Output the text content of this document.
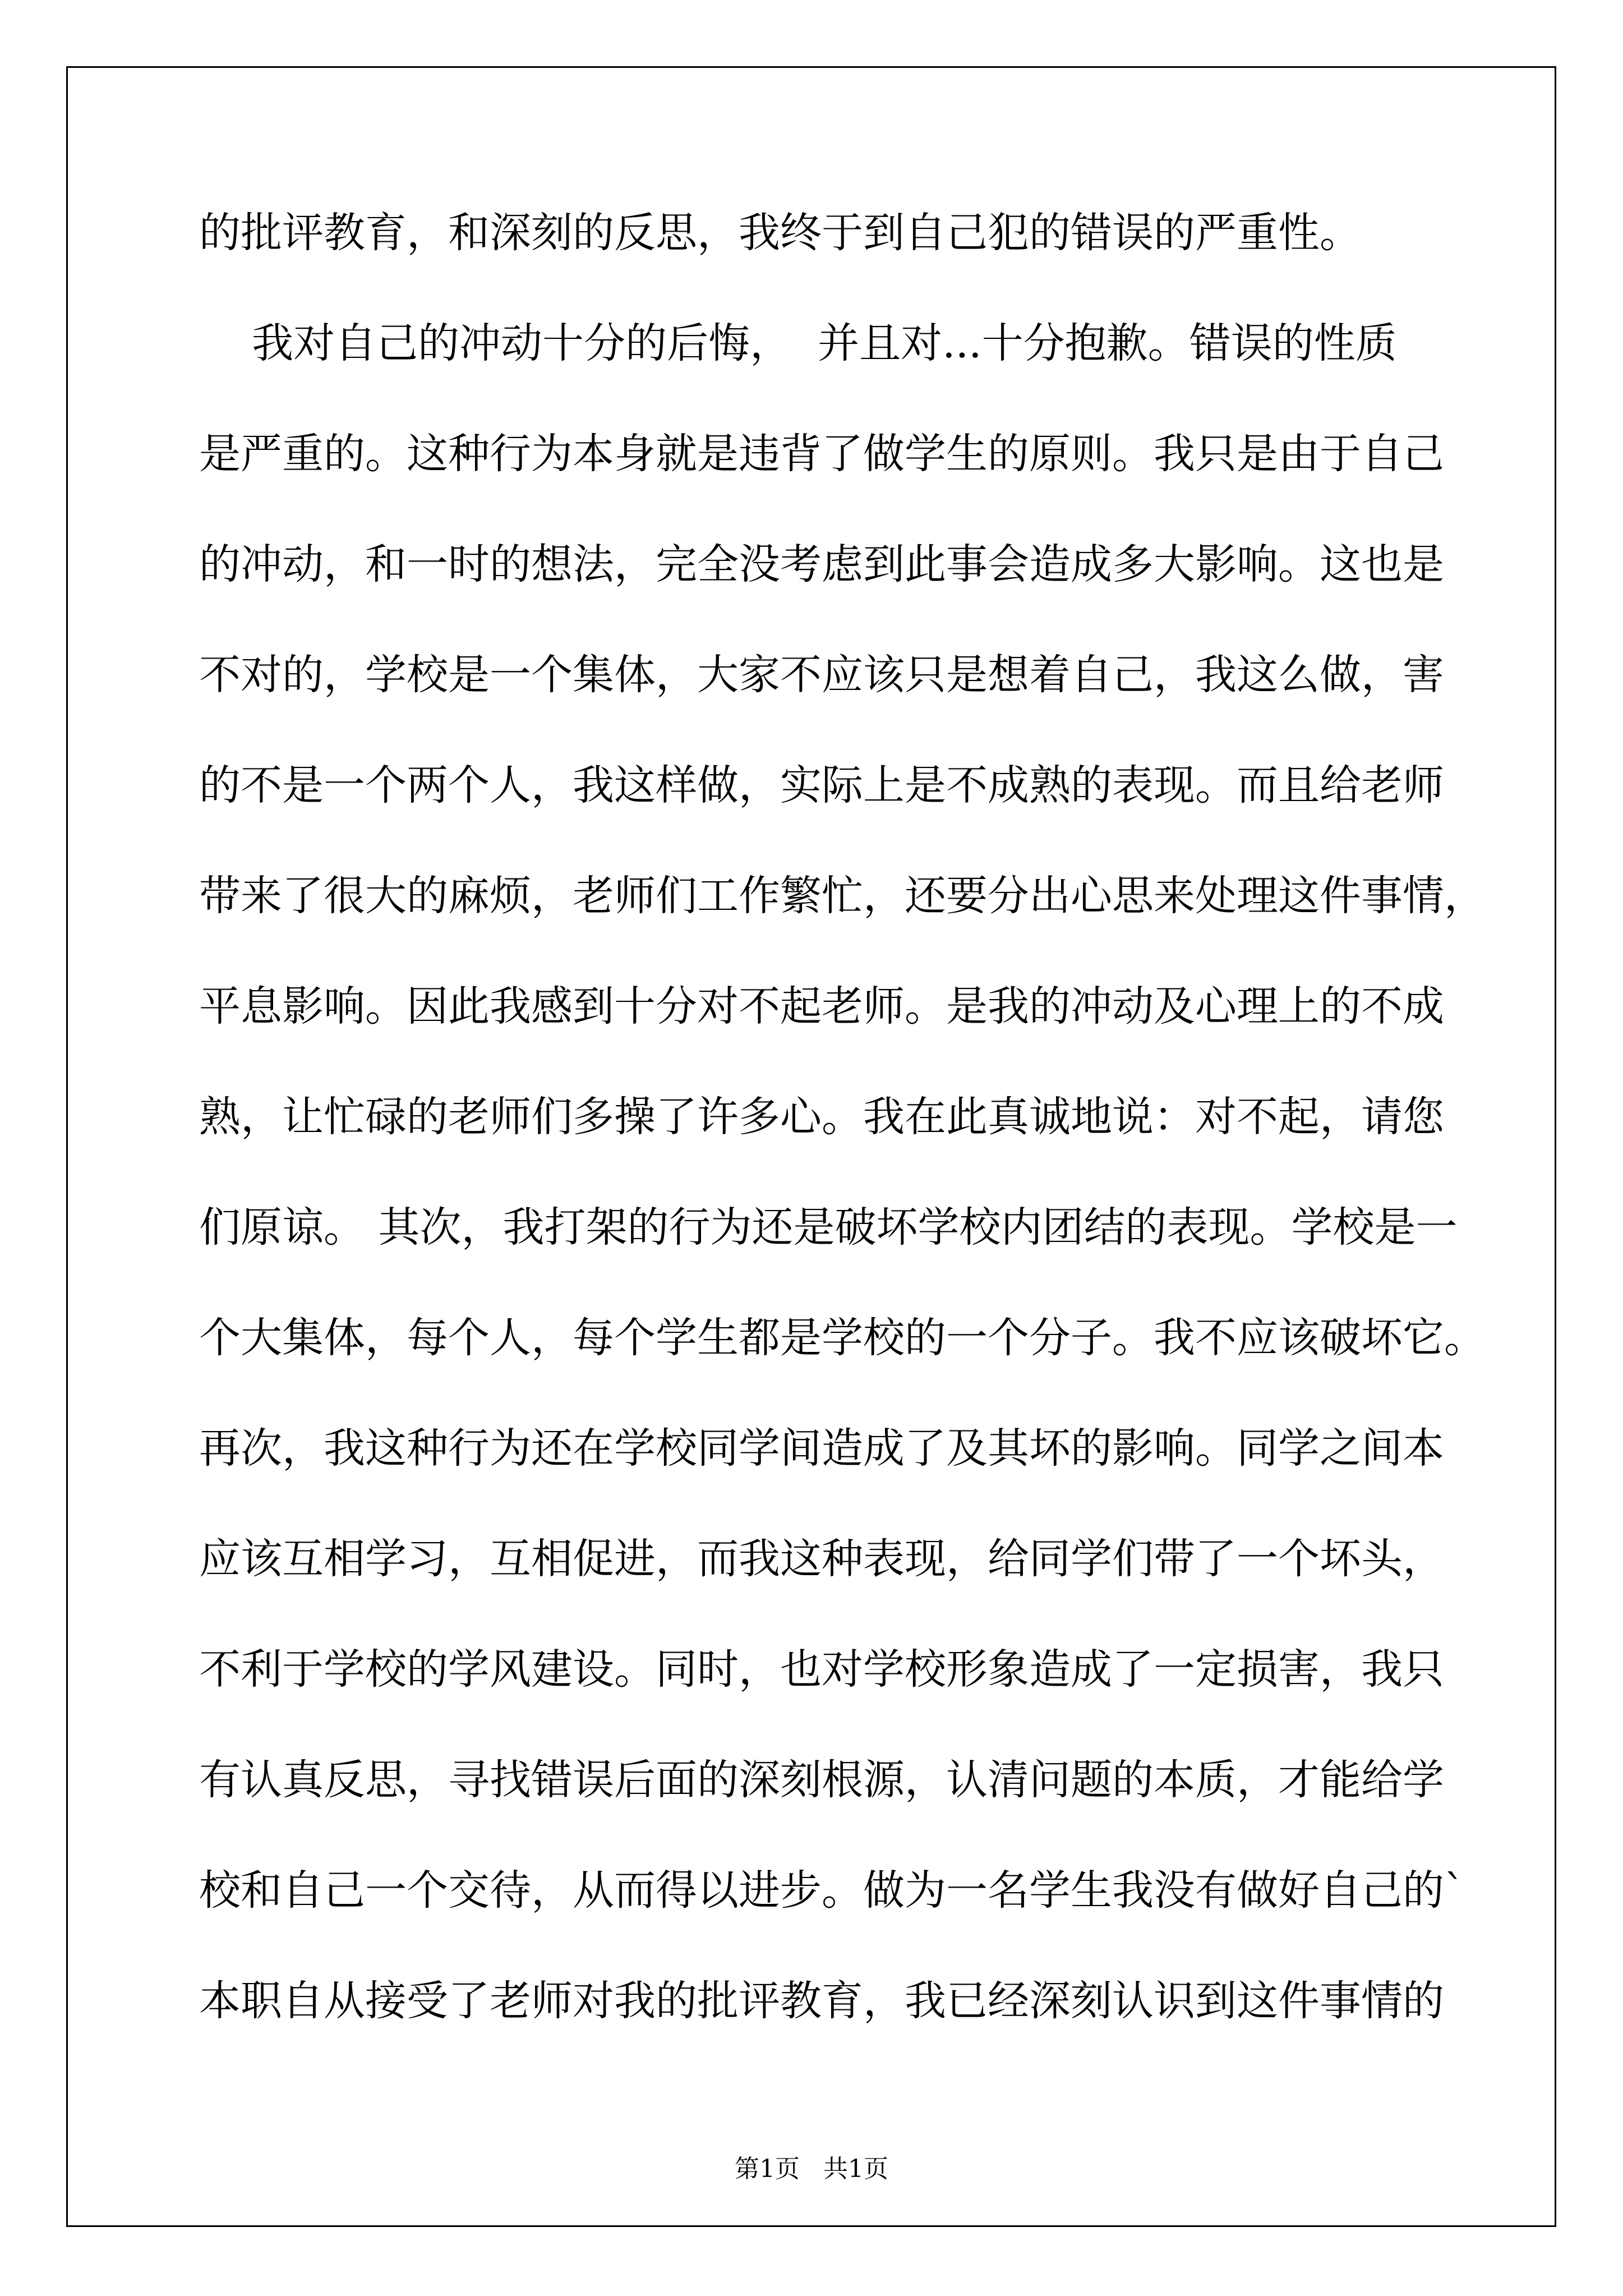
的批评教育，和深刻的反思，我终于到自己犯的错误的严重性。
我对自己的冲动十分的后悔，  并且对...十分抱歉。错误的性质
是严重的。这种行为本身就是违背了做学生的原则。我只是由于自己
的冲动，和一时的想法，完全没考虑到此事会造成多大影响。这也是
不对的，学校是一个集体，大家不应该只是想着自己，我这么做，害
的不是一个两个人，我这样做，实际上是不成熟的表现。而且给老师
带来了很大的麻烦，老师们工作繁忙，还要分出心思来处理这件事情，
平息影响。因此我感到十分对不起老师。是我的冲动及心理上的不成
熟，让忙碌的老师们多操了许多心。我在此真诚地说：对不起，请您
们原谅。 其次，我打架的行为还是破坏学校内团结的表现。学校是一
个大集体，每个人，每个学生都是学校的一个分子。我不应该破坏它。
再次，我这种行为还在学校同学间造成了及其坏的影响。同学之间本
应该互相学习，互相促进，而我这种表现，给同学们带了一个坏头，
不利于学校的学风建设。同时，也对学校形象造成了一定损害，我只
有认真反思，寻找错误后面的深刻根源，认清问题的本质，才能给学
校和自己一个交待，从而得以进步。做为一名学生我没有做好自己的`
本职自从接受了老师对我的批评教育，我已经深刻认识到这件事情的
第1页   共1页
